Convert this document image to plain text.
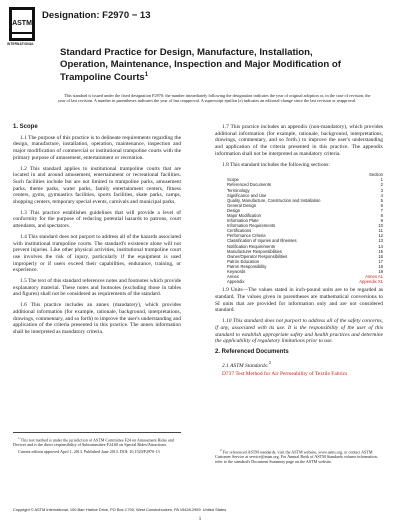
ASTM
INTERNATIONAL
Designation: F2970 − 13
Standard Practice for Design, Manufacture, Installation, Operation, Maintenance, Inspection and Major Modification of Trampoline Courts$^1$
This standard is issued under the fixed designation F2970; the number immediately following the designation indicates the year of original adoption or, in the case of revision, the year of last revision. A number in parentheses indicates the year of last reapproval. A superscript epsilon (ε) indicates an editorial change since the last revision or reapproval.
1. Scope

1.1 The purpose of this practice is to delineate requirements regarding the design, manufacture, installation, operation, maintenance, inspection and major modification of commercial or institutional trampoline courts with the primary purpose of amusement, entertainment or recreation.

1.2 This standard applies to institutional trampoline courts that are located in and around amusement, entertainment or recreational facilities. Such facilities include but are not limited to trampoline parks, amusement parks, theme parks, water parks, family entertainment centers, fitness centers, gyms, gymnastics facilities, sports facilities, skate parks, camps, shopping centers, temporary special events, carnivals and municipal parks.

1.3 This practice establishes guidelines that will provide a level of conformity for the purpose of reducing potential hazards to patrons, court attendants, and spectators.

1.4 This standard does not purport to address all of the hazards associated with institutional trampoline courts. The standard's existence alone will not prevent injuries. Like other physical activities, institutional trampoline court use involves the risk of injury, particularly if the equipment is used improperly or if users exceed their capabilities, endurance, training, or experience.

1.5 The text of this standard references notes and footnotes which provide explanatory material. These notes and footnotes (excluding those in tables and figures) shall not be considered as requirements of the standard.

1.6 This practice includes an annex (mandatory), which provides additional information (for example, rationale, background, interpretations, drawings, commentary, and so forth) to improve the user's understanding and application of the criteria presented in this practice. The annex information shall be interpreted as mandatory criteria.

1.7 This practice includes an appendix (non-mandatory), which provides additional information (for example, rationale, background, interpretations, drawings, commentary, and so forth.) to improve the user's understanding and application of the criteria presented in this practice. The appendix information shall not be interpreted as mandatory criteria.

1.8 This standard includes the following sections:

Section
Scope	1
Referenced Documents	2
Terminology	3
Significance and Use	4
Quality, Manufacture, Construction and Installation	5
General Design	6
Design	7
Major Modification	8
Information Plate	9
Information Requirements	10
Certifications	11
Performance Criteria	12
Classification of Injuries and Illnesses	13
Notification Requirements	14
Manufacturer Responsibilities	15
Owner/Operator Responsibilities	16
Patron Education	17
Patron Responsibility	18
Keywords	19
Annex	Annex A1
Appendix	Appendix X1

1.9 Units—The values stated in inch-pound units are to be regarded as standard. The values given in parentheses are mathematical conversions to SI units that are provided for information only and are not considered standard.

1.10 This standard does not purport to address all of the safety concerns, if any, associated with its use. It is the responsibility of the user of this standard to establish appropriate safety and health practices and determine the applicability of regulatory limitations prior to use.

2. Referenced Documents
2.1 ASTM Standards:$^2$
D737 Test Method for Air Permeability of Textile Fabrics

$^1$ This test method is under the jurisdiction of ASTM Committee F24 on Amusement Rides and Devices and is the direct responsibility of Subcommittee F24.60 on Special Rides/Attractions.

Current edition approved April 1, 2013. Published June 2013. DOI: 10.1520/F2970-13	$^2$ For referenced ASTM standards, visit the ASTM website, www.astm.org, or contact ASTM Customer Service at service@astm.org. For Annual Book of ASTM Standards volume information, refer to the standard's Document Summary page on the ASTM website.

Copyright © ASTM International, 100 Barr Harbor Drive, PO Box C700, West Conshohocken, PA 19428-2959. United States
1
